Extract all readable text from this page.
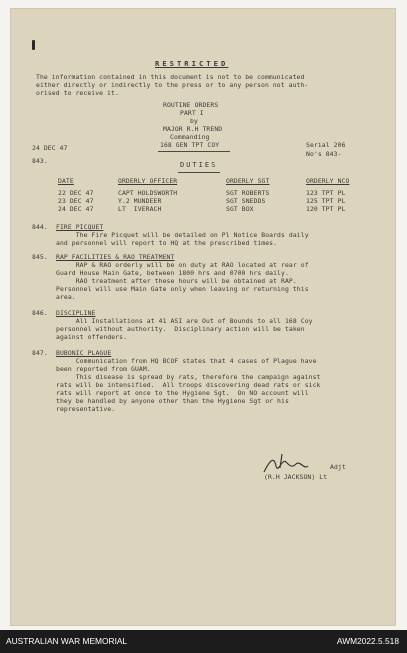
RESTRICTED
The information contained in this document is not to be communicated
either directly or indirectly to the press or to any person not auth-
orised to receive it.
ROUTINE ORDERS
PART I
by
MAJOR R.H TREND
Commanding
168 GEN TPT COY
24 DEC 47	Serial 206
No's 843-
843.	DUTIES
DATE	ORDERLY OFFICER	ORDERLY SGT	ORDERLY NCO
22 DEC 47	CAPT HOLDSWORTH	SGT ROBERTS	123 TPT PL
23 DEC 47	Y.2 MUNDEER	SGT SNEDDS	125 TPT PL
24 DEC 47	LT  IVERACH	SGT BOX	120 TPT PL
844. FIRE PICQUET
The Fire Picquet will be detailed on Pl Notice Boards daily
and personnel will report to HQ at the prescribed times.
845. RAP FACILITIES & RAO TREATMENT
RAP & RAO orderly will be on duty at RAO located at rear of
Guard House Main Gate, between 1800 hrs and 0700 hrs daily.
RAO treatment after these hours will be obtained at RAP.
Personnel will use Main Gate only when leaving or returning this
area.
846. DISCIPLINE
All Installations at 41 ASI are Out of Bounds to all 168 Coy
personnel without authority.  Disciplinary action will be taken
against offenders.
847. BUBONIC PLAGUE
Communication from HQ BCOF states that 4 cases of Plague have
been reported from GUAM.
This disease is spread by rats, therefore the campaign against
rats will be intensified.  All troops discovering dead rats or sick
rats will report at once to the Hygiene Sgt.  On NO account will
they be handled by anyone other than the Hygiene Sgt or his
representative.
(R.H JACKSON) Lt
Adjt
AUSTRALIAN WAR MEMORIAL	AWM2022.5.518
